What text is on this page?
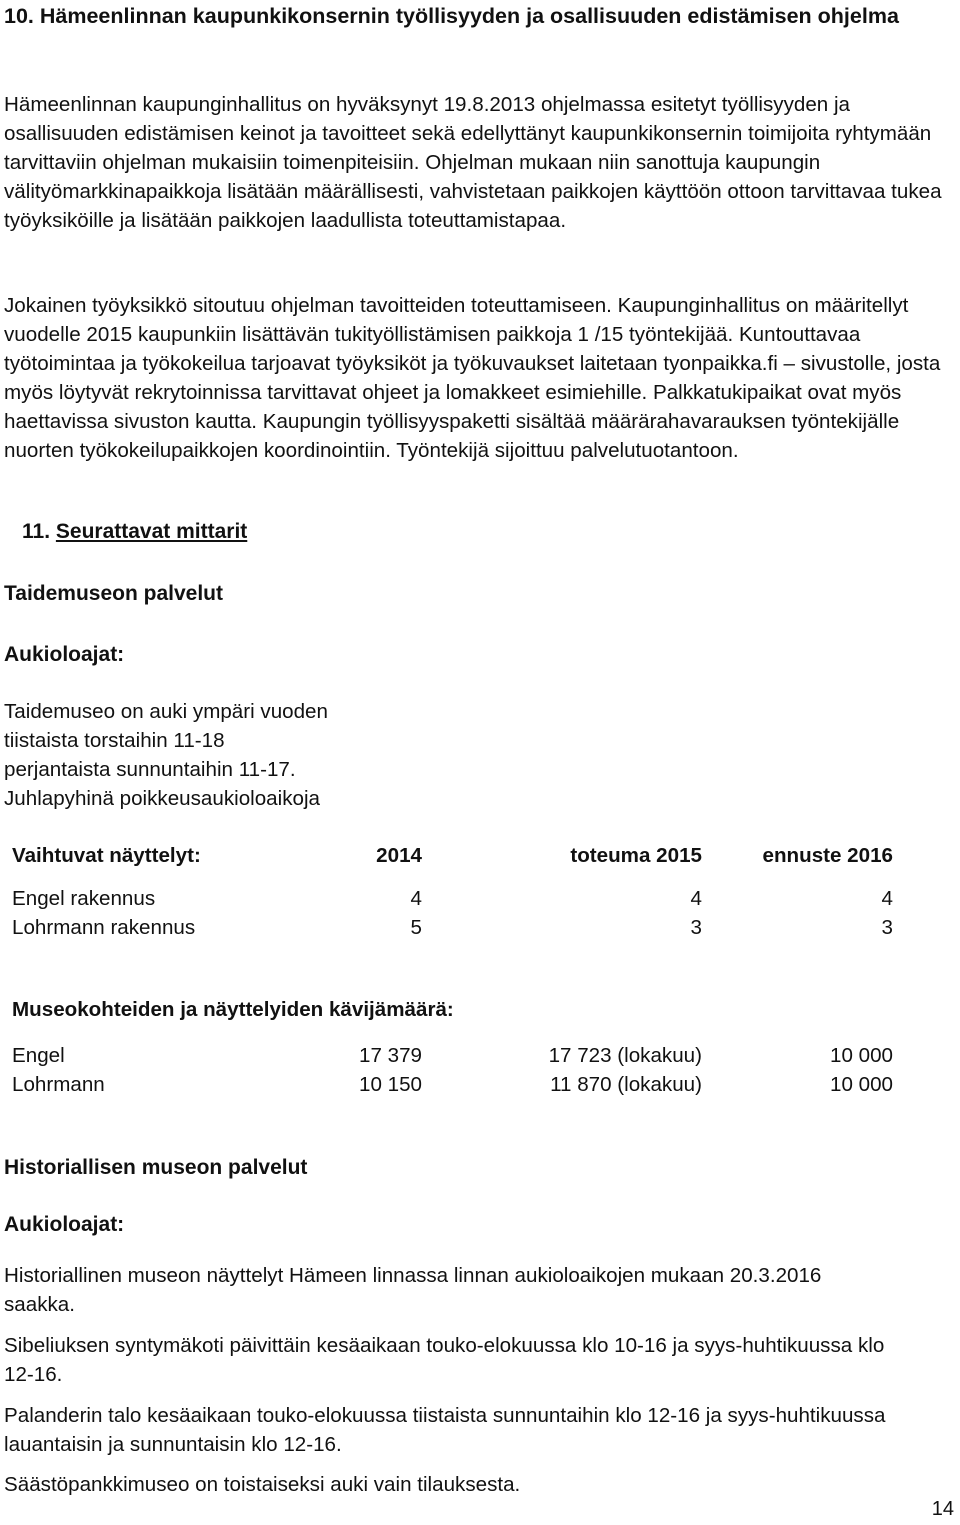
10. Hämeenlinnan kaupunkikonsernin työllisyyden ja osallisuuden edistämisen ohjelma
Hämeenlinnan kaupunginhallitus on hyväksynyt 19.8.2013 ohjelmassa esitetyt työllisyyden ja osallisuuden edistämisen keinot ja tavoitteet sekä edellyttänyt kaupunkikonsernin toimijoita ryhtymään tarvittaviin ohjelman mukaisiin toimenpiteisiin. Ohjelman mukaan niin sanottuja kaupungin välityömarkkinapaikkoja lisätään määrällisesti, vahvistetaan paikkojen käyttöön ottoon tarvittavaa tukea työyksiköille ja lisätään paikkojen laadullista toteuttamistapaa.
Jokainen työyksikkö sitoutuu ohjelman tavoitteiden toteuttamiseen. Kaupunginhallitus on määritellyt vuodelle 2015 kaupunkiin lisättävän tukityöllistämisen paikkoja 1 /15 työntekijää. Kuntouttavaa työtoimintaa ja työkokeilua tarjoavat työyksiköt ja työkuvaukset laitetaan tyonpaikka.fi – sivustolle, josta myös löytyvät rekrytoinnissa tarvittavat ohjeet ja lomakkeet esimiehille. Palkkatukipaikat ovat myös haettavissa sivuston kautta. Kaupungin työllisyyspaketti sisältää määrärahavarauksen työntekijälle nuorten työkokeilupaikkojen koordinointiin. Työntekijä sijoittuu palvelutuotantoon.
11. Seurattavat mittarit
Taidemuseon palvelut
Aukioloajat:
Taidemuseo on auki ympäri vuoden
tiistaista torstaihin 11-18
perjantaista sunnuntaihin 11-17.
Juhlapyhinä poikkeusaukioloaikoja
Vaihtuvat näyttelyt:	2014	toteuma 2015	ennuste 2016
Engel rakennus	4	4	4
Lohrmann rakennus	5	3	3
Museokohteiden ja näyttelyiden kävijämäärä:
Engel	17 379	17 723 (lokakuu)	10 000
Lohrmann	10 150	11 870 (lokakuu)	10 000
Historiallisen museon palvelut
Aukioloajat:
Historiallinen museon näyttelyt Hämeen linnassa linnan aukioloaikojen mukaan 20.3.2016 saakka.
Sibeliuksen syntymäkoti päivittäin kesäaikaan touko-elokuussa klo 10-16 ja syys-huhtikuussa klo 12-16.
Palanderin talo kesäaikaan touko-elokuussa tiistaista sunnuntaihin klo 12-16 ja syys-huhtikuussa lauantaisin ja sunnuntaisin klo 12-16.
Säästöpankkimuseo on toistaiseksi auki vain tilauksesta.
14
